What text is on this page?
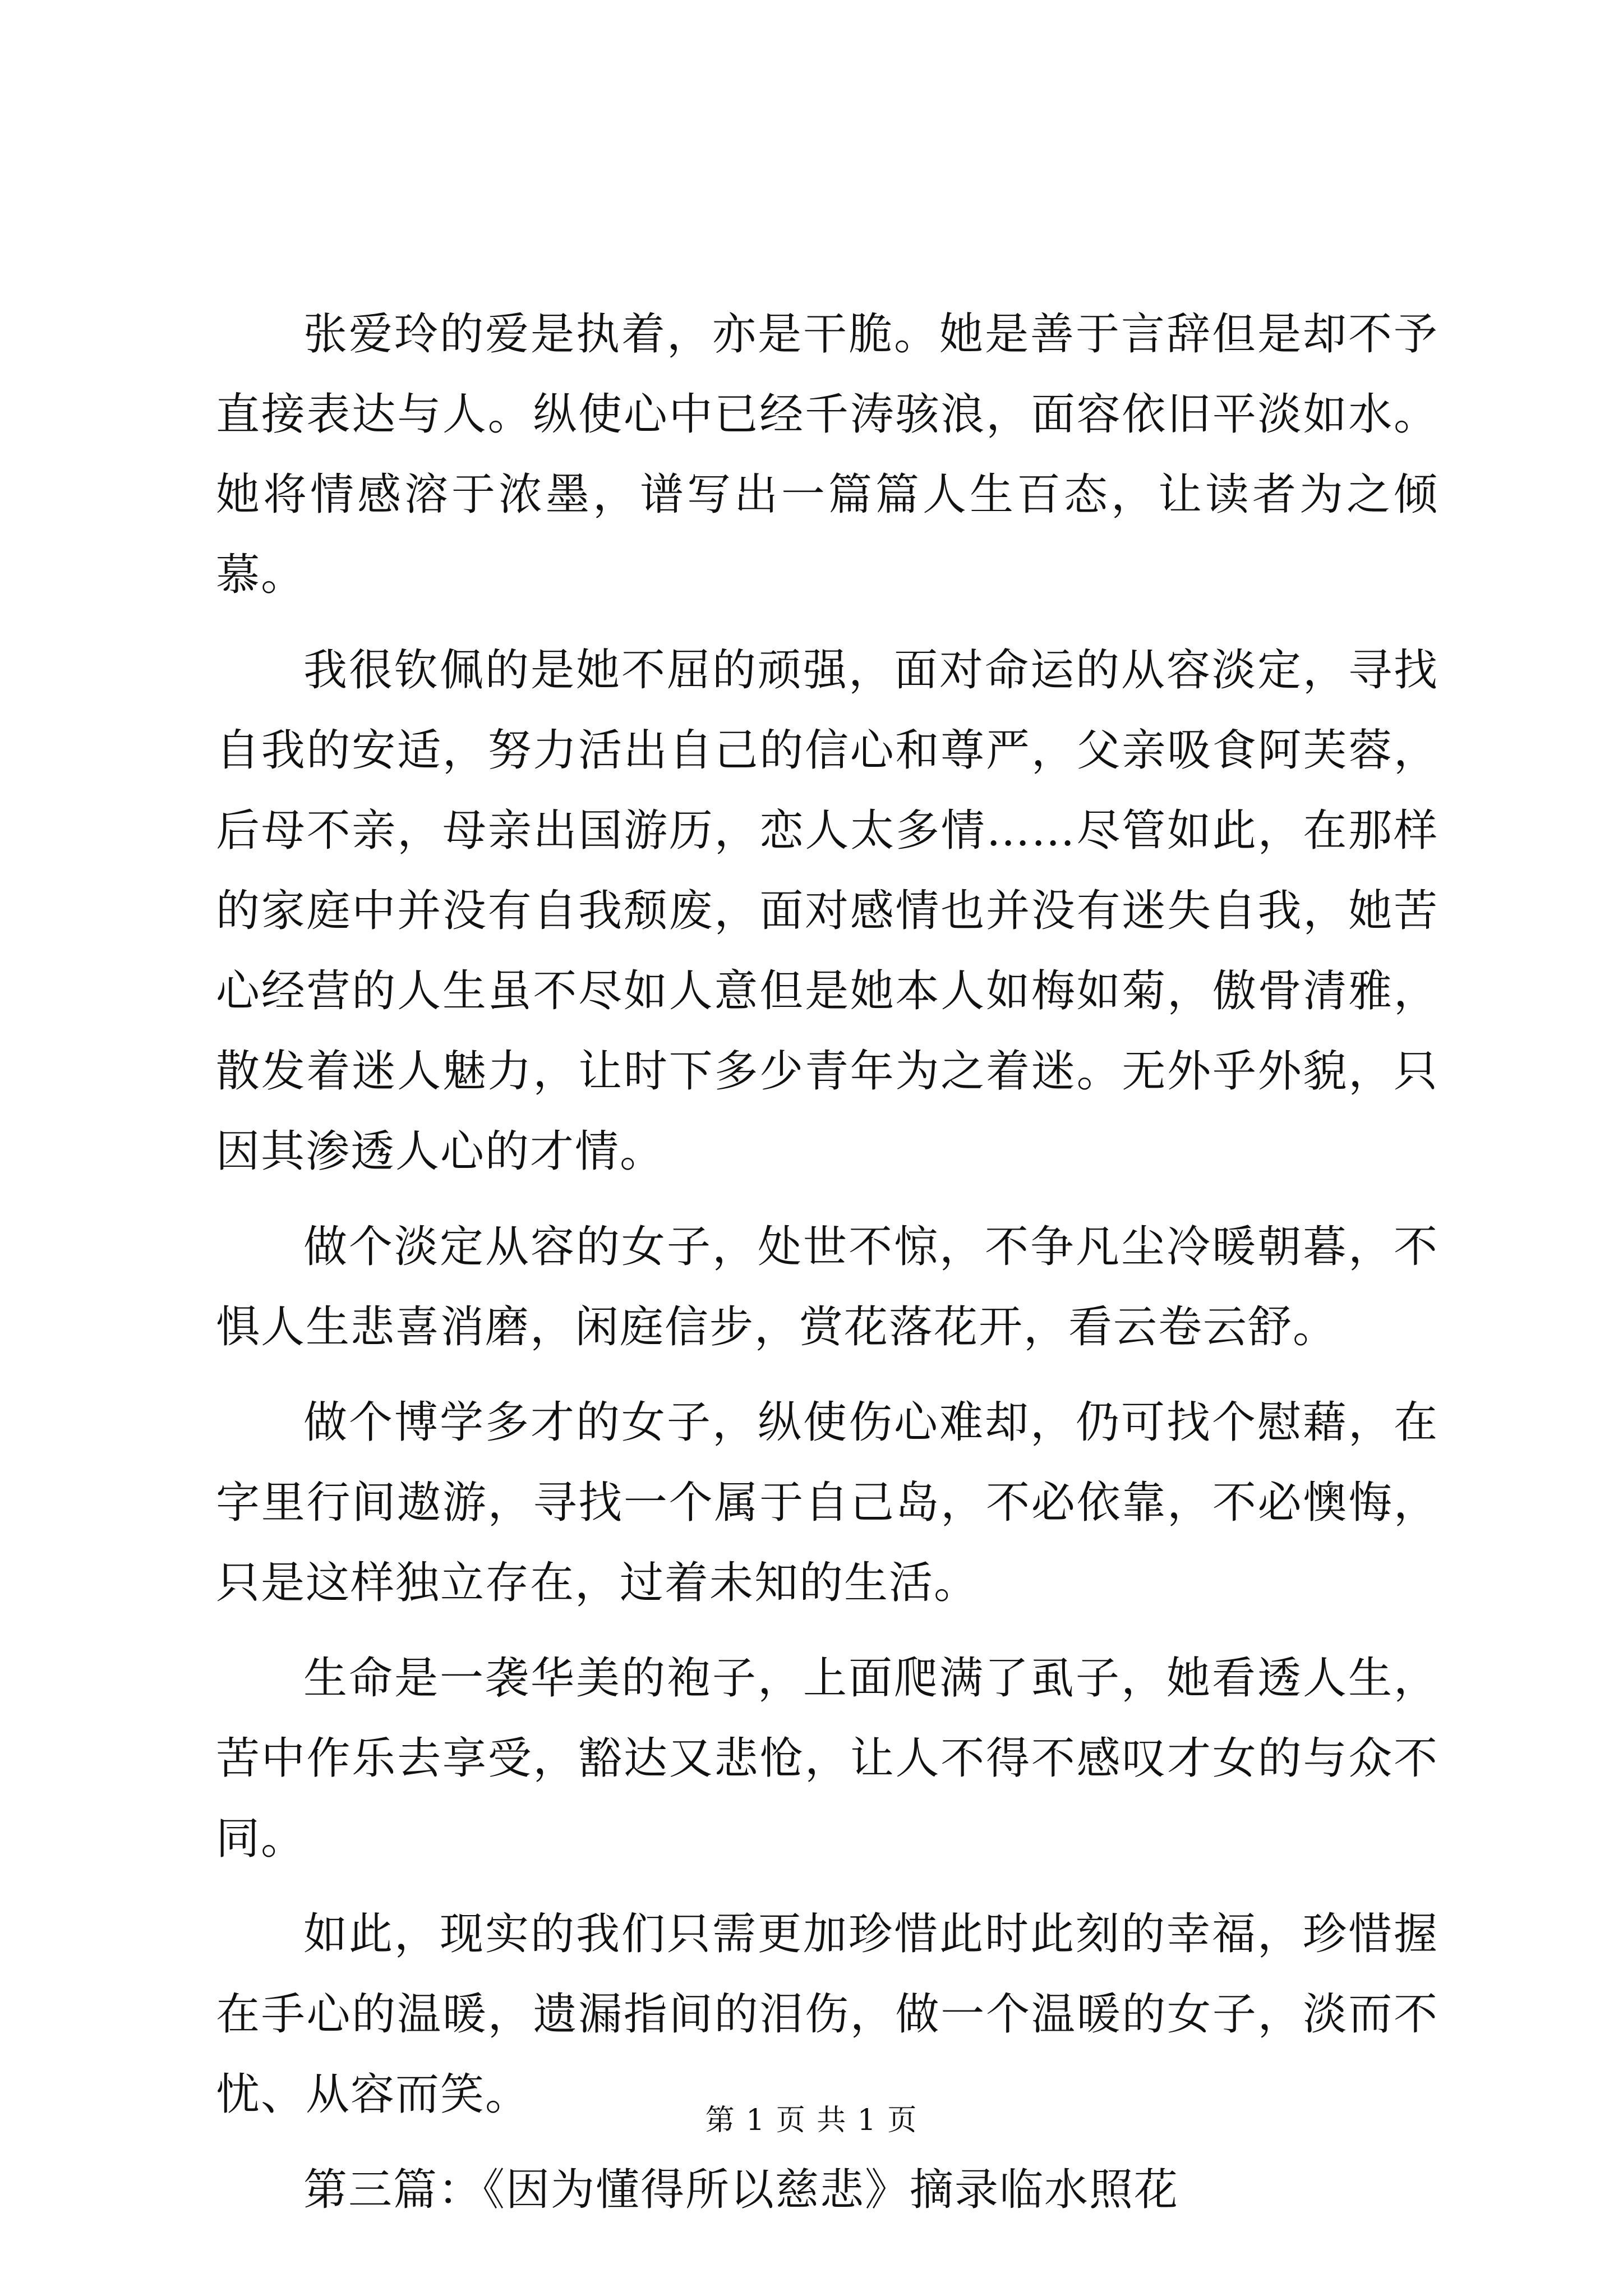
张爱玲的爱是执着，亦是干脆。她是善于言辞但是却不予直接表达与人。纵使心中已经千涛骇浪，面容依旧平淡如水。她将情感溶于浓墨，谱写出一篇篇人生百态，让读者为之倾慕。

我很钦佩的是她不屈的顽强，面对命运的从容淡定，寻找自我的安适，努力活出自己的信心和尊严，父亲吸食阿芙蓉，后母不亲，母亲出国游历，恋人太多情……尽管如此，在那样的家庭中并没有自我颓废，面对感情也并没有迷失自我，她苦心经营的人生虽不尽如人意但是她本人如梅如菊，傲骨清雅，散发着迷人魅力，让时下多少青年为之着迷。无外乎外貌，只因其渗透人心的才情。

做个淡定从容的女子，处世不惊，不争凡尘冷暖朝暮，不惧人生悲喜消磨，闲庭信步，赏花落花开，看云卷云舒。

做个博学多才的女子，纵使伤心难却，仍可找个慰藉，在字里行间遨游，寻找一个属于自己岛，不必依靠，不必懊悔，只是这样独立存在，过着未知的生活。

生命是一袭华美的袍子，上面爬满了虱子，她看透人生，苦中作乐去享受，豁达又悲怆，让人不得不感叹才女的与众不同。

如此，现实的我们只需更加珍惜此时此刻的幸福，珍惜握在手心的温暖，遗漏指间的泪伤，做一个温暖的女子，淡而不忧、从容而笑。

第三篇：《因为懂得所以慈悲》摘录临水照花

第 1 页 共 1 页
